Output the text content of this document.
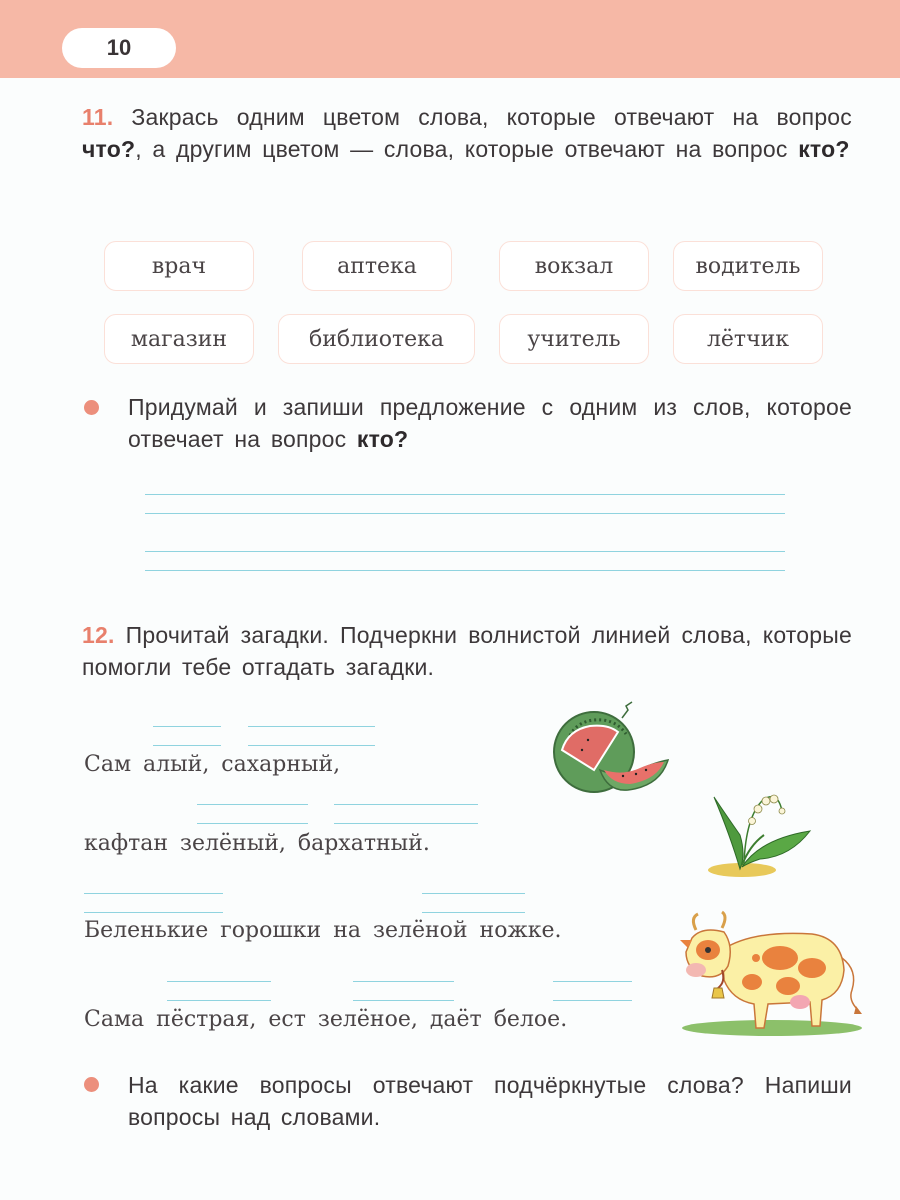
10
11. Закрась одним цветом слова, которые отвечают на вопрос что?, а другим цветом — слова, которые отвечают на вопрос кто?
врач	аптека	вокзал	водитель
магазин	библиотека	учитель	лётчик
Придумай и запиши предложение с одним из слов, которое отвечает на вопрос кто?
12. Прочитай загадки. Подчеркни волнистой линией слова, которые помогли тебе отгадать загадки.
Сам алый, сахарный,
кафтан зелёный, бархатный.
Беленькие горошки на зелёной ножке.
Сама пёстрая, ест зелёное, даёт белое.
На какие вопросы отвечают подчёркнутые слова? Напиши вопросы над словами.
